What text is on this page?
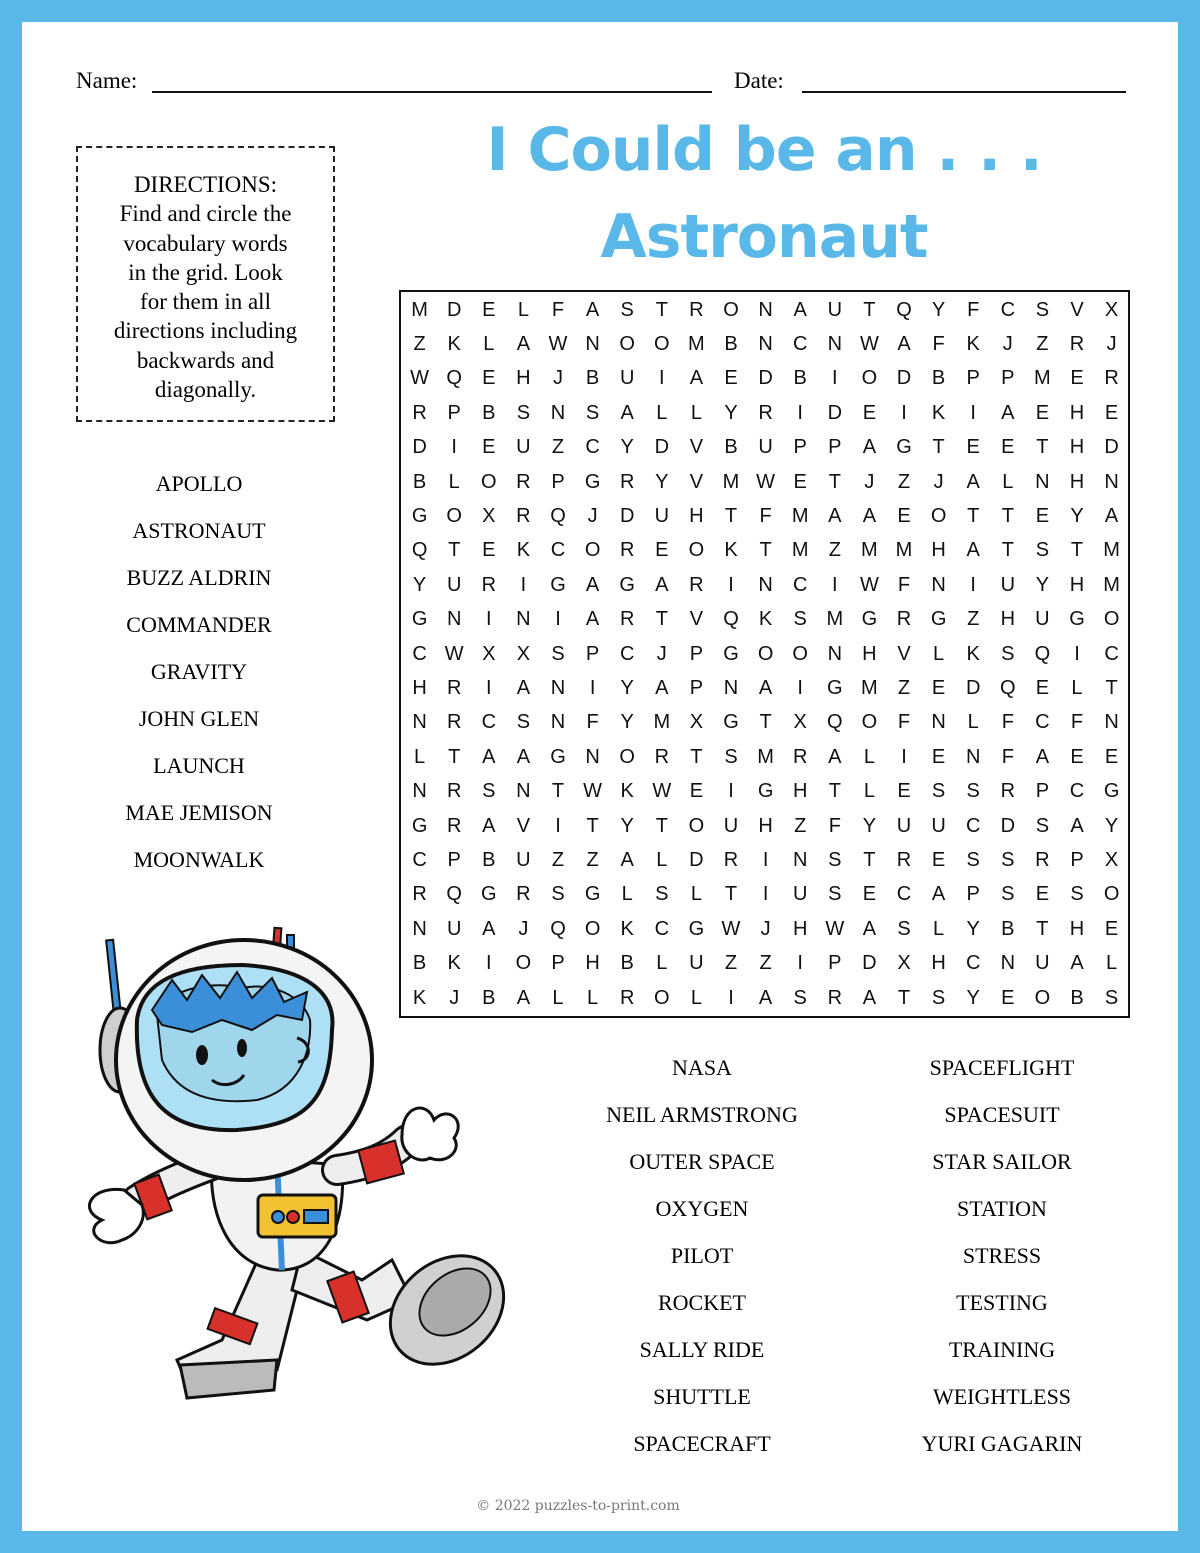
Name:	Date:
I Could be an . . .
Astronaut
DIRECTIONS:
Find and circle the
vocabulary words
in the grid. Look
for them in all
directions including
backwards and
diagonally.
M D	E	L	F	A	S	T	R O N	A	U	T	Q	Y	F	C	S	V	X
Z	K	L	A W N O O M B	N	C	N W A	F	K	J	Z	R	J
W Q	E	H	J	B	U	I	A	E	D	B	I	O D	B	P	P M E	R
R	P	B	S	N	S	A	L	L	Y	R	I	D	E	I	K	I	A	E	H	E
D	I	E	U	Z	C	Y	D	V	B	U	P	P	A	G	T	E	E	T	H	D
B	L	O R	P	G R	Y	V M W E	T	J	Z	J	A	L	N	H	N
G O	X	R Q	J	D	U	H	T	F	M A	A	E	O	T	T	E	Y	A
Q	T	E	K	C O R	E	O	K	T	M	Z	M M H	A	T	S	T	M
Y	U	R	I	G	A	G	A	R	I	N	C	I	W F	N	I	U	Y	H M
G N	I	N	I	A	R	T	V	Q	K	S M G R G	Z	H	U G O
C W X	X	S	P	C	J	P	G O O N	H	V	L	K	S	Q	I	C
H	R	I	A	N	I	Y	A	P	N	A	I	G M	Z	E	D Q	E	L	T
N	R	C	S	N	F	Y M X	G	T	X	Q O	F	N	L	F	C	F	N
L	T	A	A	G N O R	T	S M R	A	L	I	E	N	F	A	E	E
N	R	S	N	T W K W E	I	G H	T	L	E	S	S	R	P	C G
G R	A	V	I	T	Y	T	O U	H	Z	F	Y	U	U	C	D	S	A	Y
C	P	B	U	Z	Z	A	L	D	R	I	N	S	T	R	E	S	S	R	P	X
R Q G R	S	G	L	S	L	T	I	U	S	E	C	A	P	S	E	S	O
N	U	A	J	Q O	K	C G W	J	H W A	S	L	Y	B	T	H	E
B	K	I	O	P	H	B	L	U	Z	Z	I	P	D	X	H	C	N	U	A	L
K	J	B	A	L	L	R O	L	I	A	S	R	A	T	S	Y	E	O	B	S
APOLLO
ASTRONAUT
BUZZ ALDRIN
COMMANDER
GRAVITY
JOHN GLEN
LAUNCH
MAE JEMISON
MOONWALK
NASA
NEIL ARMSTRONG
OUTER SPACE
OXYGEN
PILOT
ROCKET
SALLY RIDE
SHUTTLE
SPACECRAFT
SPACEFLIGHT
SPACESUIT
STAR SAILOR
STATION
STRESS
TESTING
TRAINING
WEIGHTLESS
YURI GAGARIN
© 2022 puzzles-to-print.com
